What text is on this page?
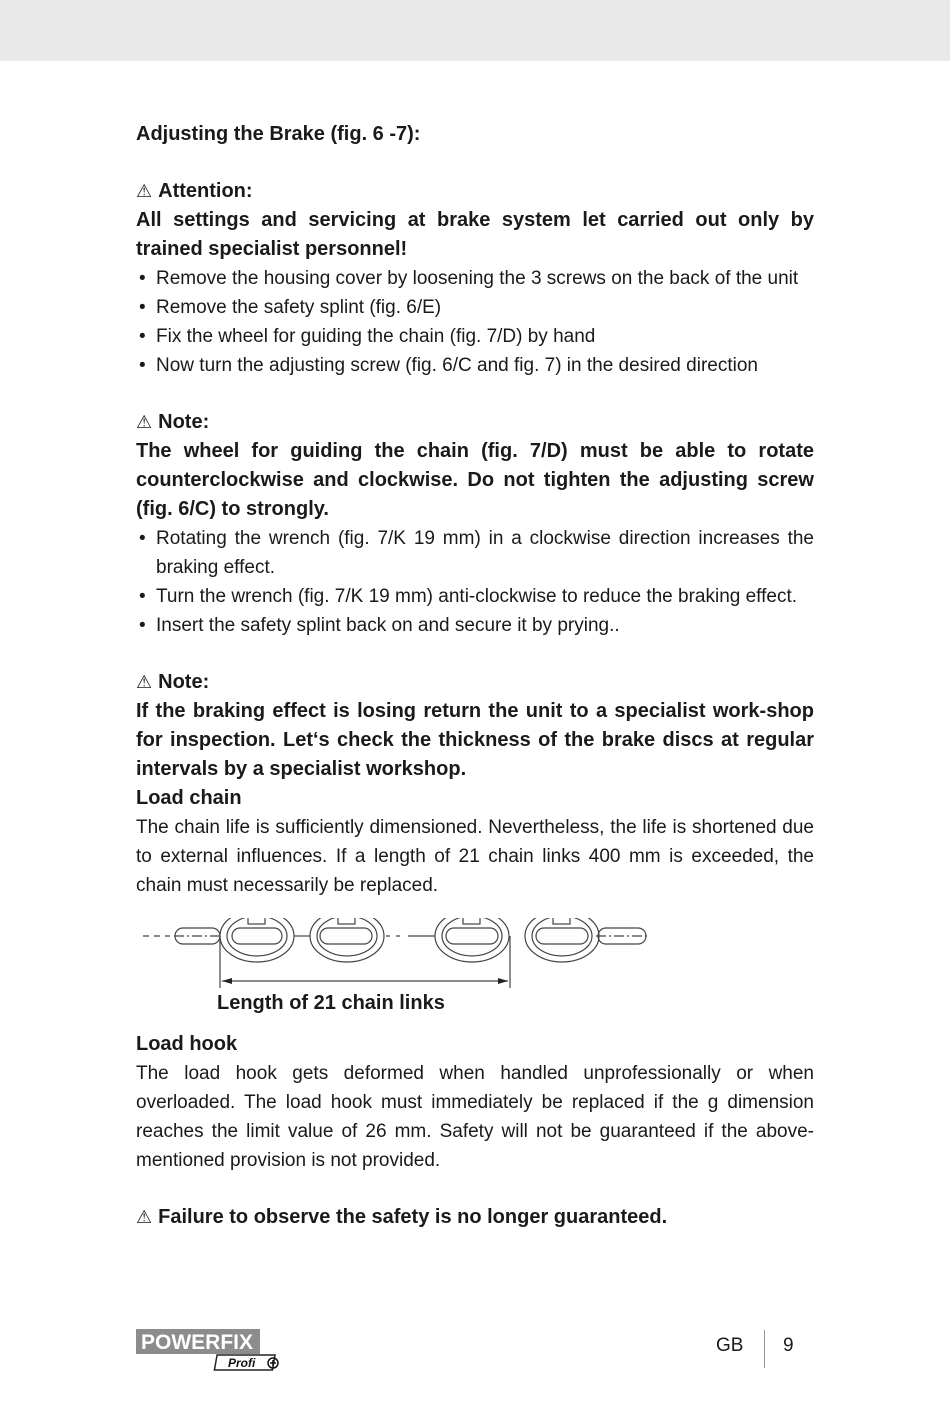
Adjusting the Brake (fig. 6 -7):

⚠ Attention:

All settings and servicing at brake system let carried out only by trained specialist personnel!

• Remove the housing cover by loosening the 3 screws on the back of the unit
• Remove the safety splint (fig. 6/E)
• Fix the wheel for guiding the chain (fig. 7/D) by hand
• Now turn the adjusting screw (fig. 6/C and fig. 7) in the desired direction

⚠ Note:

The wheel for guiding the chain (fig. 7/D) must be able to rotate counterclockwise and clockwise. Do not tighten the adjusting screw (fig. 6/C) to strongly.

• Rotating the wrench (fig. 7/K 19 mm) in a clockwise direction increases the braking effect.
• Turn the wrench (fig. 7/K 19 mm) anti-clockwise to reduce the braking effect.
• Insert the safety splint back on and secure it by prying..

⚠ Note:

If the braking effect is losing return the unit to a specialist work-shop for inspection. Let‘s check the thickness of the brake discs at regular intervals by a specialist workshop.

Load chain

The chain life is sufficiently dimensioned. Nevertheless, the life is shortened due to external influences. If a length of 21 chain links 400 mm is exceeded, the chain must necessarily be replaced.

Length of 21 chain links

Load hook

The load hook gets deformed when handled unprofessionally or when overloaded. The load hook must immediately be replaced if the g dimension reaches the limit value of 26 mm. Safety will not be guaranteed if the above-mentioned provision is not provided.

⚠ Failure to observe the safety is no longer guaranteed.

POWERFIX
Profi
GB 9
